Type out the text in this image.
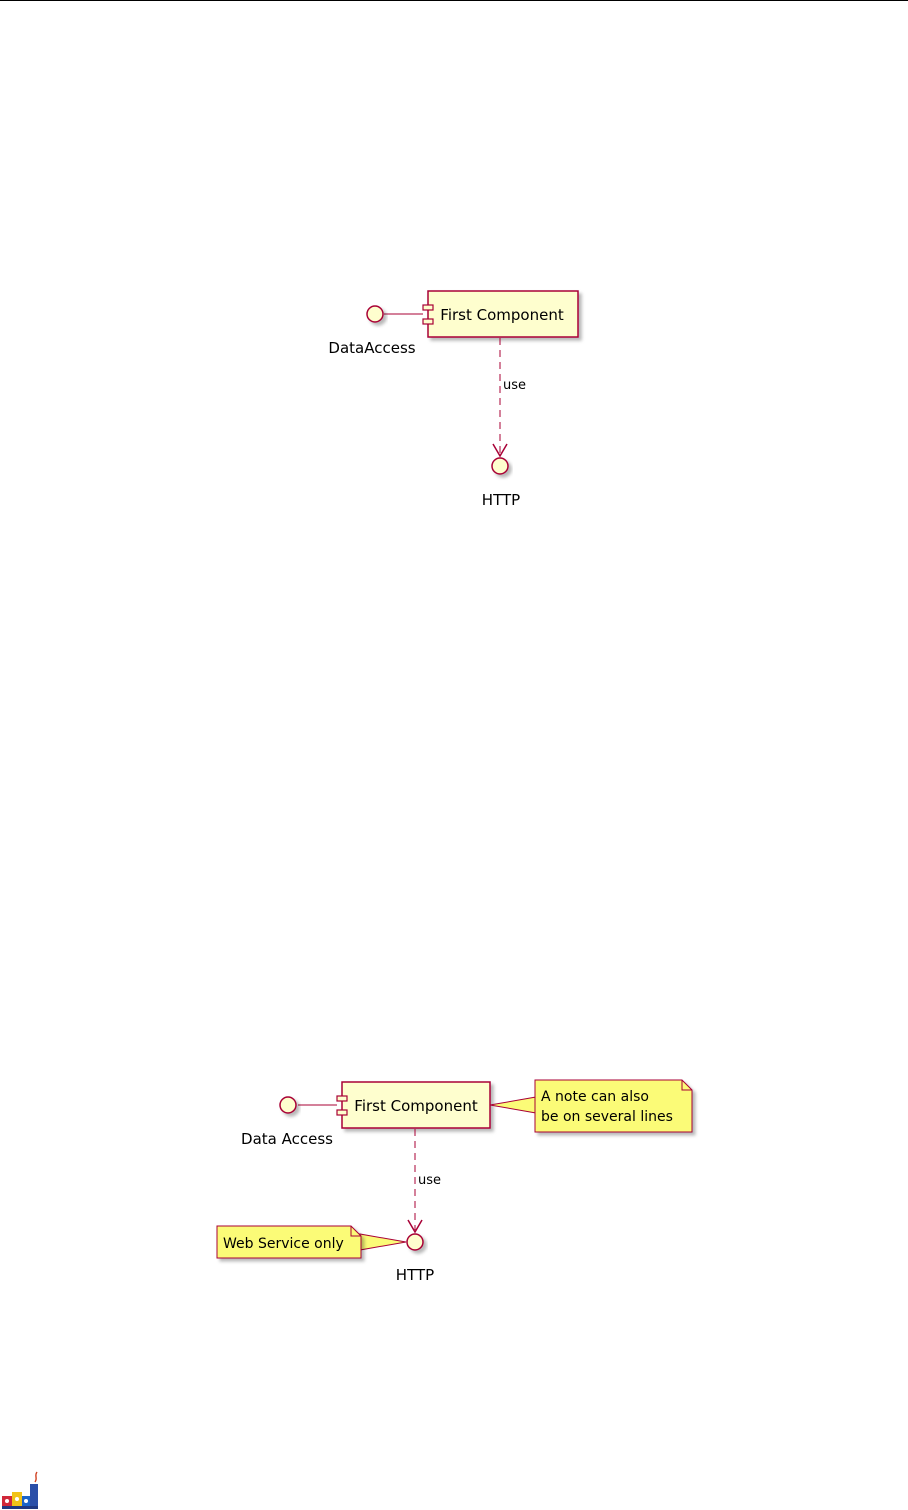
DataAccess
First Component
use
HTTP
Data Access
First Component	A note can also
be on several lines
use
HTTP
Web Service only
